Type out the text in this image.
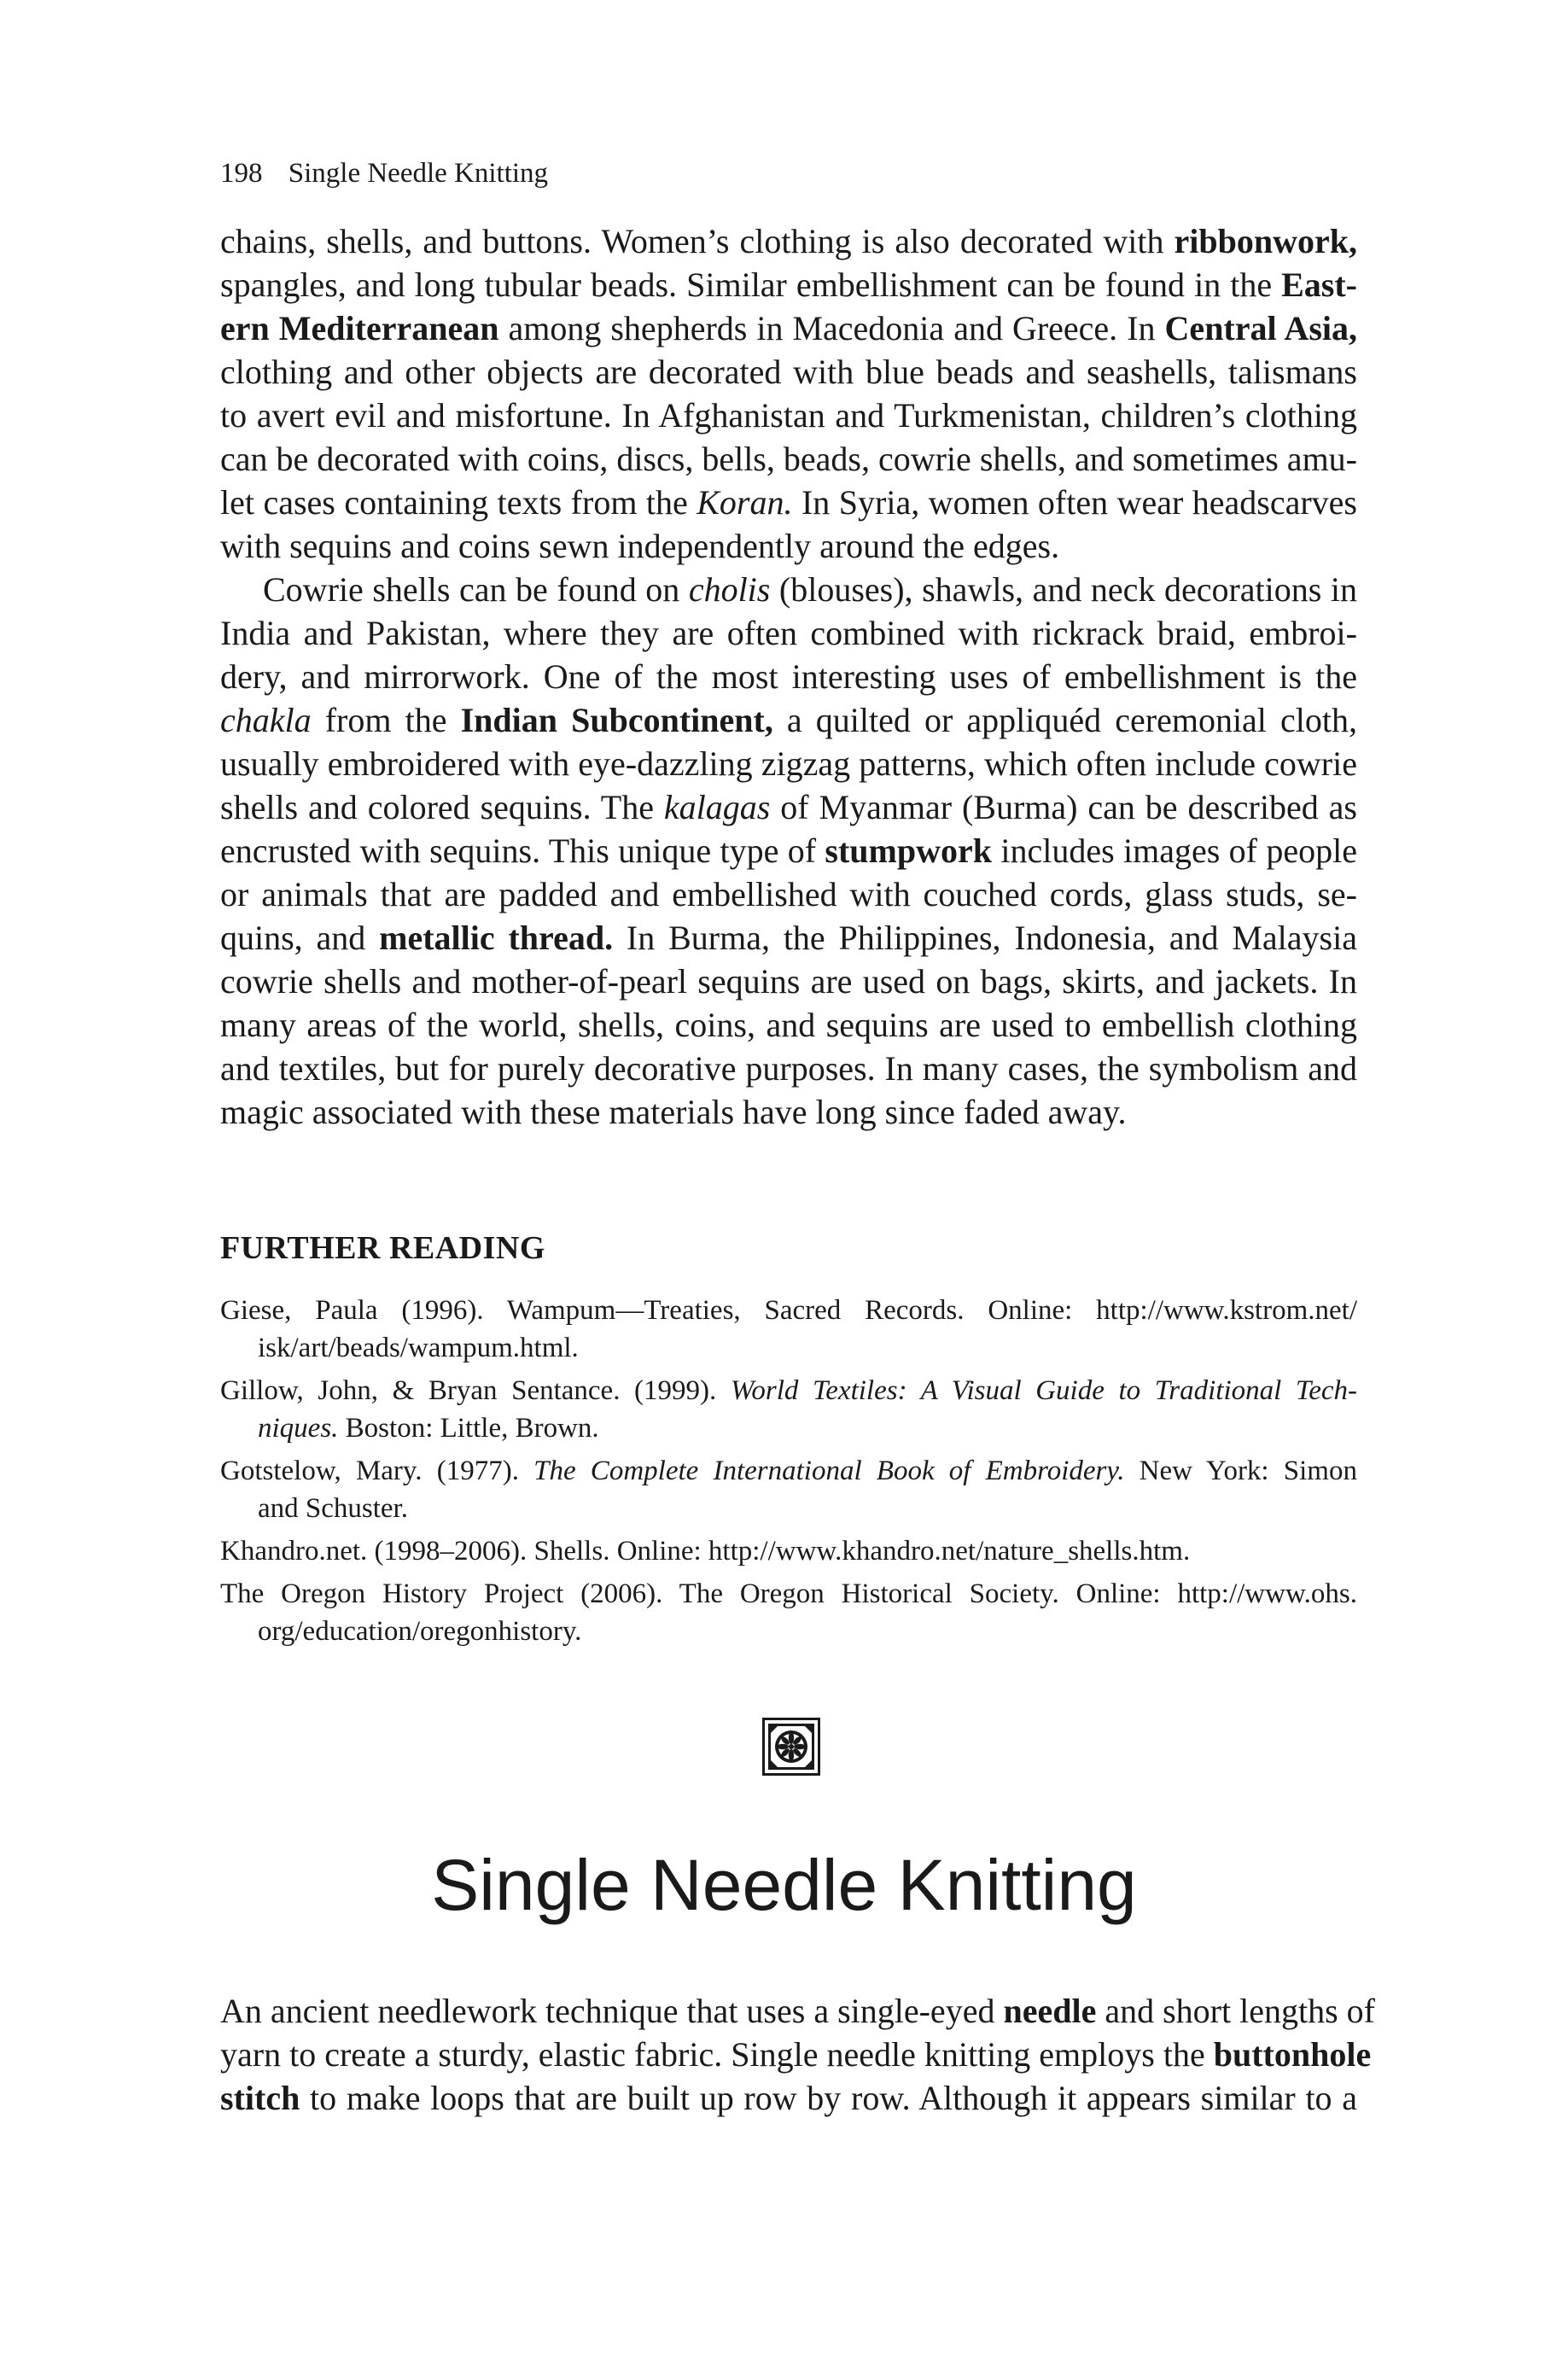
198 Single Needle Knitting
chains, shells, and buttons. Women’s clothing is also decorated with ribbonwork,
spangles, and long tubular beads. Similar embellishment can be found in the East-
ern Mediterranean among shepherds in Macedonia and Greece. In Central Asia,
clothing and other objects are decorated with blue beads and seashells, talismans
to avert evil and misfortune. In Afghanistan and Turkmenistan, children’s clothing
can be decorated with coins, discs, bells, beads, cowrie shells, and sometimes amu-
let cases containing texts from the Koran. In Syria, women often wear headscarves
with sequins and coins sewn independently around the edges.
Cowrie shells can be found on cholis (blouses), shawls, and neck decorations in
India and Pakistan, where they are often combined with rickrack braid, embroi-
dery, and mirrorwork. One of the most interesting uses of embellishment is the
chakla from the Indian Subcontinent, a quilted or appliquéd ceremonial cloth,
usually embroidered with eye-dazzling zigzag patterns, which often include cowrie
shells and colored sequins. The kalagas of Myanmar (Burma) can be described as
encrusted with sequins. This unique type of stumpwork includes images of people
or animals that are padded and embellished with couched cords, glass studs, se-
quins, and metallic thread. In Burma, the Philippines, Indonesia, and Malaysia
cowrie shells and mother-of-pearl sequins are used on bags, skirts, and jackets. In
many areas of the world, shells, coins, and sequins are used to embellish clothing
and textiles, but for purely decorative purposes. In many cases, the symbolism and
magic associated with these materials have long since faded away.
FURTHER READING
Giese, Paula (1996). Wampum—Treaties, Sacred Records. Online: http://www.kstrom.net/
isk/art/beads/wampum.html.
Gillow, John, & Bryan Sentance. (1999). World Textiles: A Visual Guide to Traditional Tech-
niques. Boston: Little, Brown.
Gotstelow, Mary. (1977). The Complete International Book of Embroidery. New York: Simon
and Schuster.
Khandro.net. (1998–2006). Shells. Online: http://www.khandro.net/nature_shells.htm.
The Oregon History Project (2006). The Oregon Historical Society. Online: http://www.ohs.
org/education/oregonhistory.
Single Needle Knitting
An ancient needlework technique that uses a single-eyed needle and short lengths of
yarn to create a sturdy, elastic fabric. Single needle knitting employs the buttonhole
stitch to make loops that are built up row by row. Although it appears similar to a
